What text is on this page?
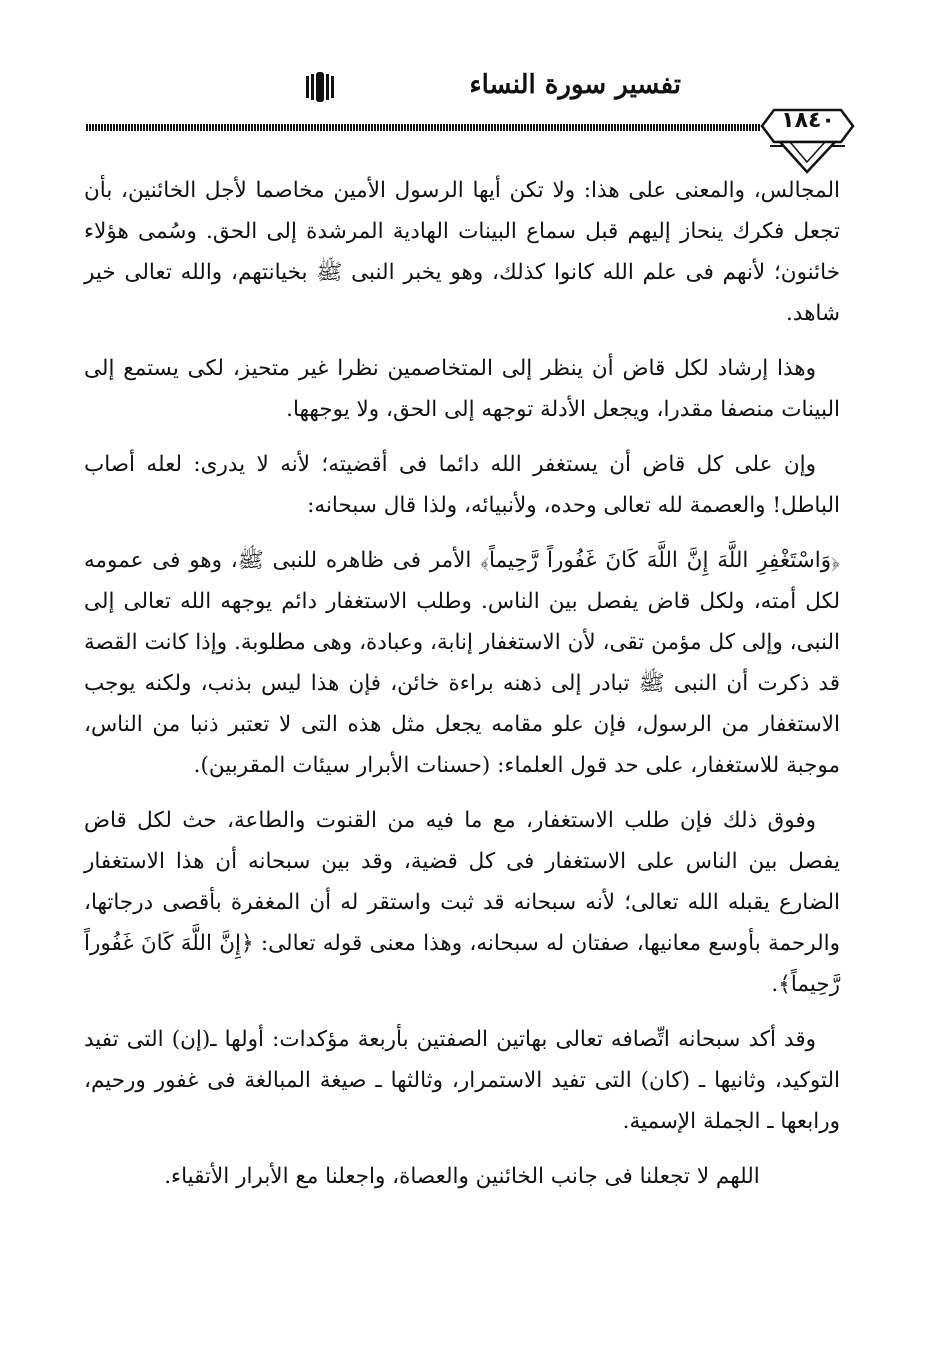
تفسير سورة النساء
١٨٤٠

المجالس، والمعنى على هذا: ولا تكن أيها الرسول الأمين مخاصما لأجل الخائنين، بأن تجعل فكرك ينحاز إليهم قبل سماع البينات الهادية المرشدة إلى الحق. وسُمى هؤلاء خائنون؛ لأنهم فى علم الله كانوا كذلك، وهو يخبر النبى ﷺ بخيانتهم، والله تعالى خير شاهد.

وهذا إرشاد لكل قاض أن ينظر إلى المتخاصمين نظرا غير متحيز، لكى يستمع إلى البينات منصفا مقدرا، ويجعل الأدلة توجهه إلى الحق، ولا يوجهها.

وإن على كل قاض أن يستغفر الله دائما فى أقضيته؛ لأنه لا يدرى: لعله أصاب الباطل! والعصمة لله تعالى وحده، ولأنبيائه، ولذا قال سبحانه:

﴿وَاسْتَغْفِرِ اللَّهَ إِنَّ اللَّهَ كَانَ غَفُوراً رَّحِيماً﴾ الأمر فى ظاهره للنبى ﷺ، وهو فى عمومه لكل أمته، ولكل قاض يفصل بين الناس. وطلب الاستغفار دائم يوجهه الله تعالى إلى النبى، وإلى كل مؤمن تقى، لأن الاستغفار إنابة، وعبادة، وهى مطلوبة. وإذا كانت القصة قد ذكرت أن النبى ﷺ تبادر إلى ذهنه براءة خائن، فإن هذا ليس بذنب، ولكنه يوجب الاستغفار من الرسول، فإن علو مقامه يجعل مثل هذه التى لا تعتبر ذنبا من الناس، موجبة للاستغفار، على حد قول العلماء: (حسنات الأبرار سيئات المقربين).

وفوق ذلك فإن طلب الاستغفار، مع ما فيه من القنوت والطاعة، حث لكل قاض يفصل بين الناس على الاستغفار فى كل قضية، وقد بين سبحانه أن هذا الاستغفار الضارع يقبله الله تعالى؛ لأنه سبحانه قد ثبت واستقر له أن المغفرة بأقصى درجاتها، والرحمة بأوسع معانيها، صفتان له سبحانه، وهذا معنى قوله تعالى: ﴿إِنَّ اللَّهَ كَانَ غَفُوراً رَّحِيماً﴾.

وقد أكد سبحانه اتِّصافه تعالى بهاتين الصفتين بأربعة مؤكدات: أولها ـ(إن) التى تفيد التوكيد، وثانيها ـ (كان) التى تفيد الاستمرار، وثالثها ـ صيغة المبالغة فى غفور ورحيم، ورابعها ـ الجملة الإسمية.

اللهم لا تجعلنا فى جانب الخائنين والعصاة، واجعلنا مع الأبرار الأتقياء.
